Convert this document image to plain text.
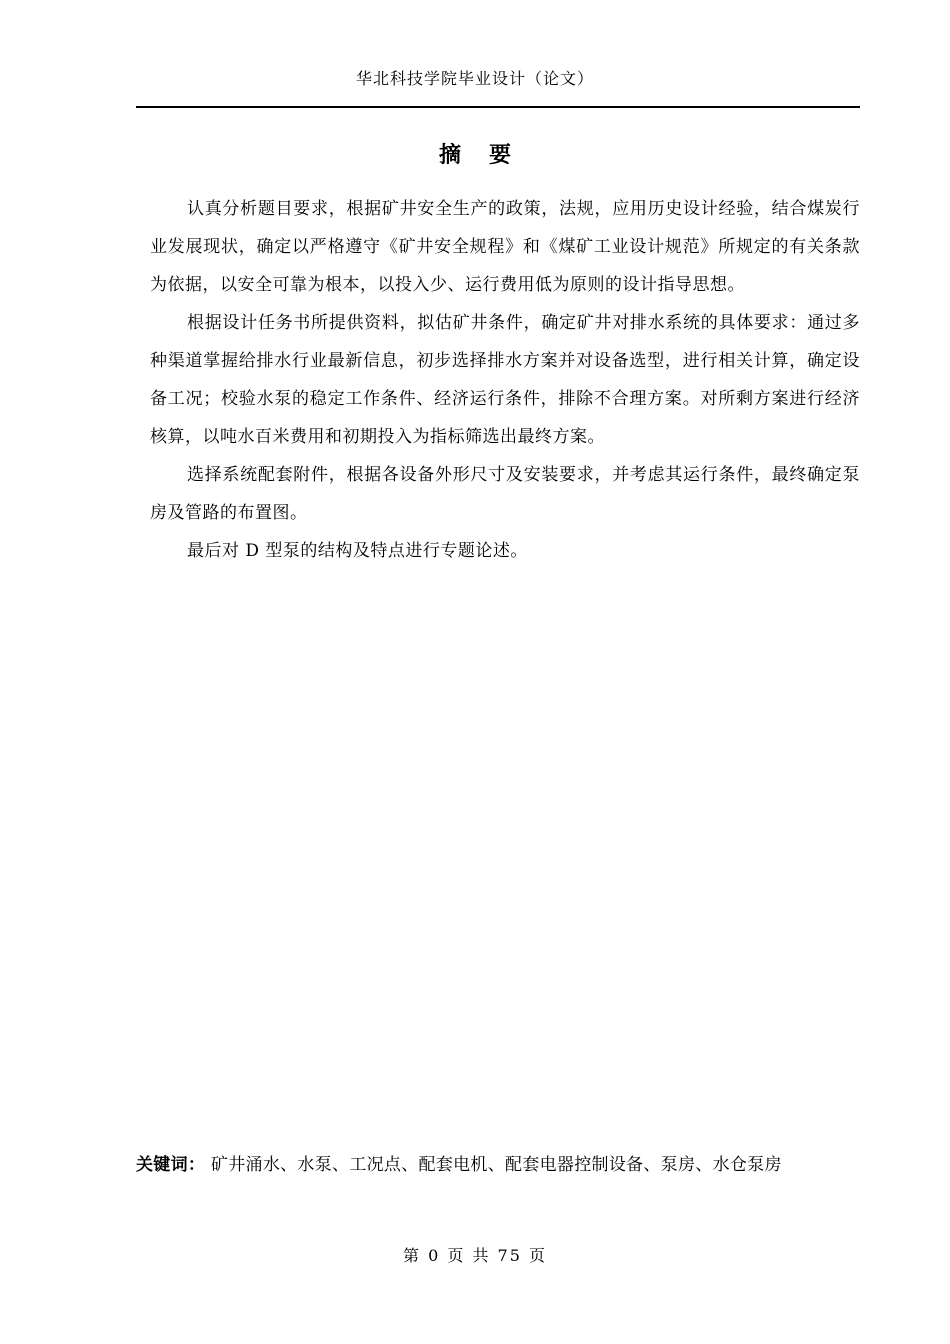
华北科技学院毕业设计（论文）
摘要

认真分析题目要求，根据矿井安全生产的政策，法规，应用历史设计经验，结合煤炭行业发展现状，确定以严格遵守《矿井安全规程》和《煤矿工业设计规范》所规定的有关条款为依据，以安全可靠为根本，以投入少、运行费用低为原则的设计指导思想。

根据设计任务书所提供资料，拟估矿井条件，确定矿井对排水系统的具体要求：通过多种渠道掌握给排水行业最新信息，初步选择排水方案并对设备选型，进行相关计算，确定设备工况；校验水泵的稳定工作条件、经济运行条件，排除不合理方案。对所剩方案进行经济核算，以吨水百米费用和初期投入为指标筛选出最终方案。

选择系统配套附件，根据各设备外形尺寸及安装要求，并考虑其运行条件，最终确定泵房及管路的布置图。

最后对 D 型泵的结构及特点进行专题论述。

关键词： 矿井涌水、水泵、工况点、配套电机、配套电器控制设备、泵房、水仓泵房
第 0 页 共 75 页
